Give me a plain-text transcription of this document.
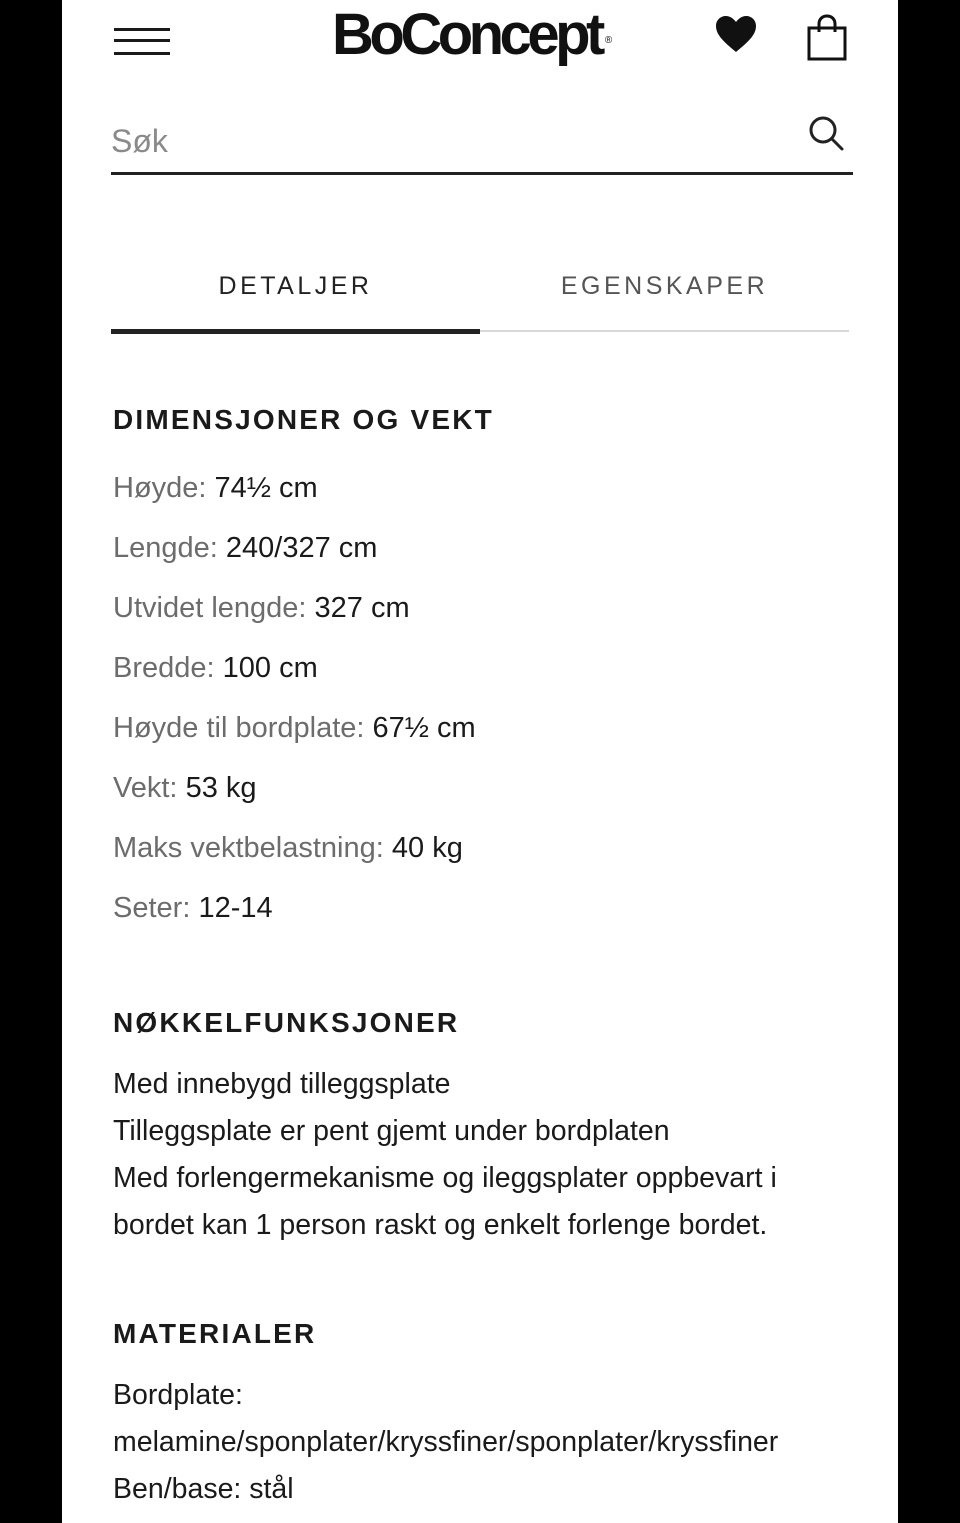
BoConcept ®
Søk
DETALJER	EGENSKAPER
DIMENSJONER OG VEKT
Høyde: 74½ cm
Lengde: 240/327 cm
Utvidet lengde: 327 cm
Bredde: 100 cm
Høyde til bordplate: 67½ cm
Vekt: 53 kg
Maks vektbelastning: 40 kg
Seter: 12-14
NØKKELFUNKSJONER
Med innebygd tilleggsplate
Tilleggsplate er pent gjemt under bordplaten
Med forlengermekanisme og ileggsplater oppbevart i
bordet kan 1 person raskt og enkelt forlenge bordet.
MATERIALER
Bordplate:
melamine/sponplater/kryssfiner/sponplater/kryssfiner
Ben/base: stål
